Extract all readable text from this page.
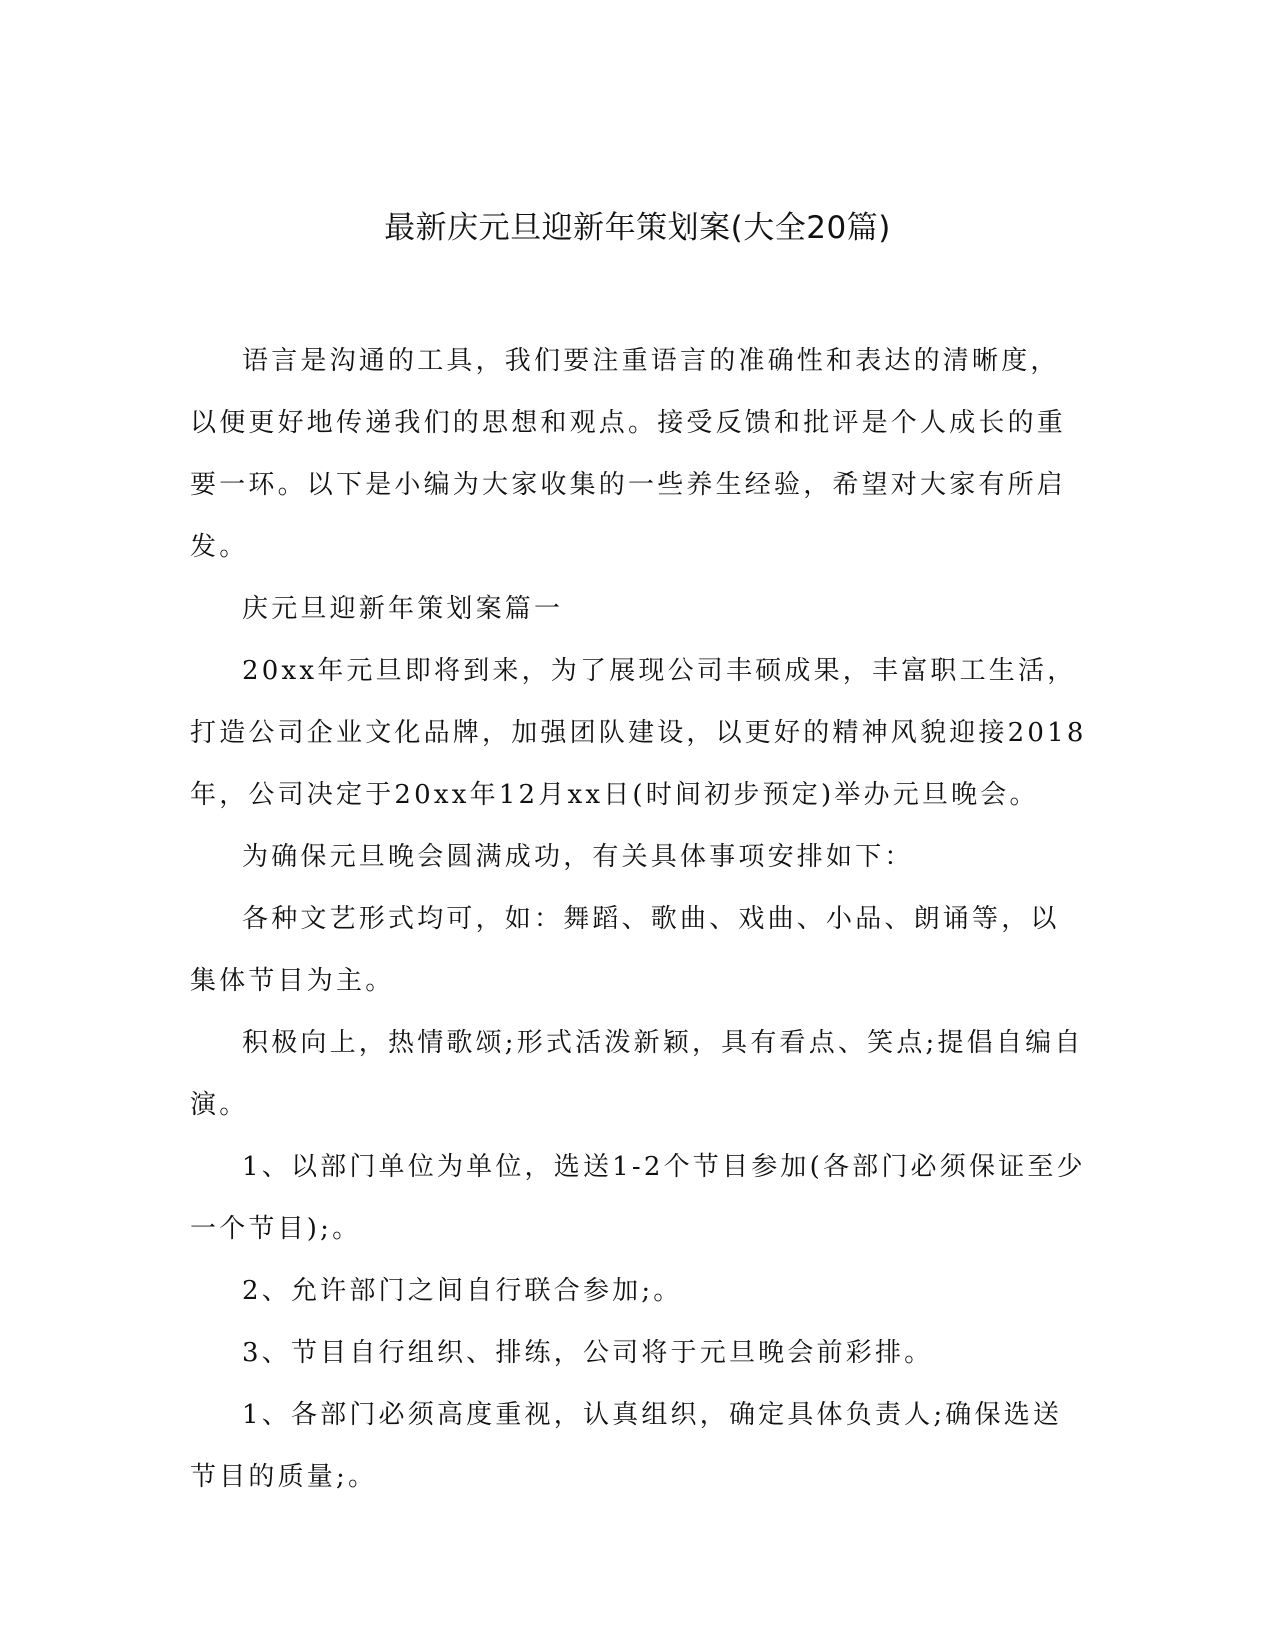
最新庆元旦迎新年策划案(大全20篇)

语言是沟通的工具，我们要注重语言的准确性和表达的清晰度，以便更好地传递我们的思想和观点。接受反馈和批评是个人成长的重要一环。以下是小编为大家收集的一些养生经验，希望对大家有所启发。

庆元旦迎新年策划案篇一

20xx年元旦即将到来，为了展现公司丰硕成果，丰富职工生活，打造公司企业文化品牌，加强团队建设，以更好的精神风貌迎接2018年，公司决定于20xx年12月xx日(时间初步预定)举办元旦晚会。

为确保元旦晚会圆满成功，有关具体事项安排如下：

各种文艺形式均可，如：舞蹈、歌曲、戏曲、小品、朗诵等，以集体节目为主。

积极向上，热情歌颂;形式活泼新颖，具有看点、笑点;提倡自编自演。

1、以部门单位为单位，选送1-2个节目参加(各部门必须保证至少一个节目);。

2、允许部门之间自行联合参加;。

3、节目自行组织、排练，公司将于元旦晚会前彩排。

1、各部门必须高度重视，认真组织，确定具体负责人;确保选送节目的质量;。
